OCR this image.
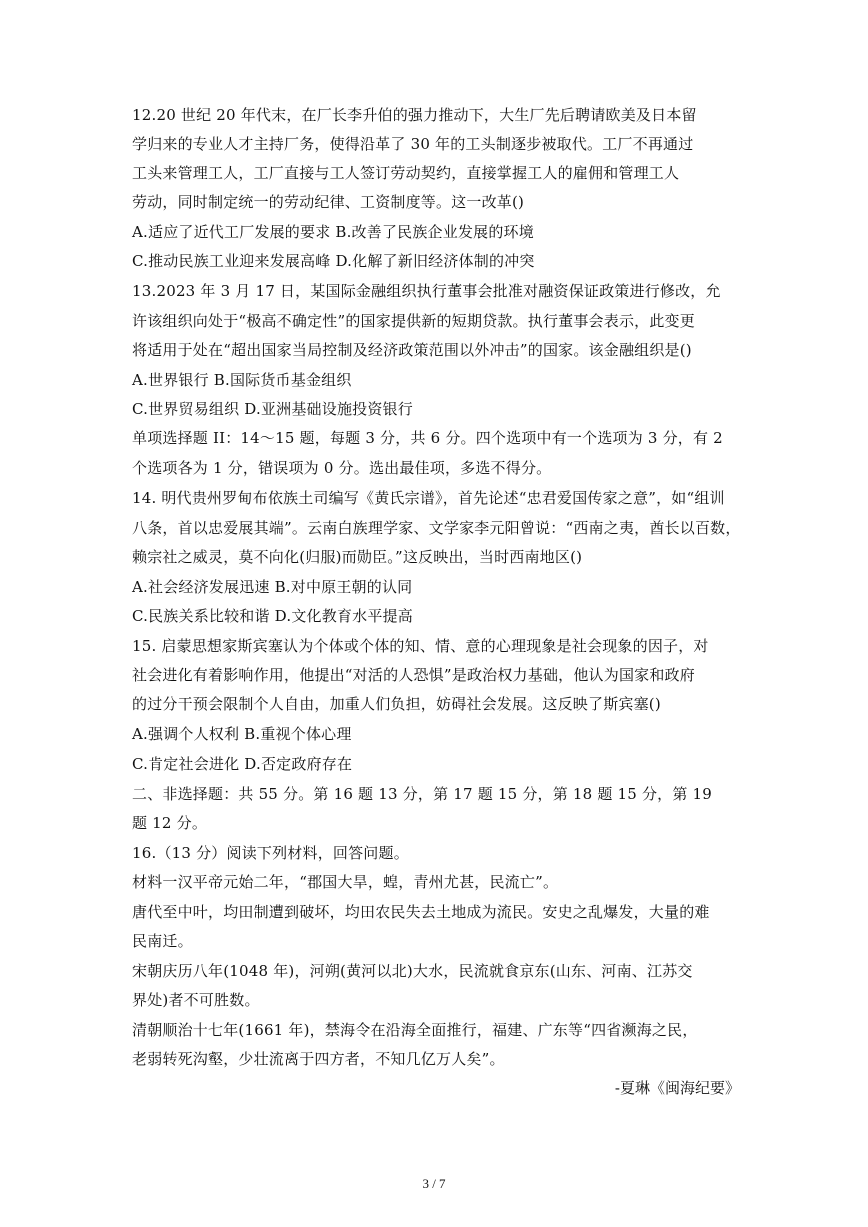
12.20 世纪 20 年代末，在厂长李升伯的强力推动下，大生厂先后聘请欧美及日本留
学归来的专业人才主持厂务，使得沿革了 30 年的工头制逐步被取代。工厂不再通过
工头来管理工人，工厂直接与工人签订劳动契约，直接掌握工人的雇佣和管理工人
劳动，同时制定统一的劳动纪律、工资制度等。这一改革()
A.适应了近代工厂发展的要求 B.改善了民族企业发展的环境
C.推动民族工业迎来发展高峰 D.化解了新旧经济体制的冲突
13.2023 年 3 月 17 日，某国际金融组织执行董事会批准对融资保证政策进行修改，允
许该组织向处于“极高不确定性”的国家提供新的短期贷款。执行董事会表示，此变更
将适用于处在“超出国家当局控制及经济政策范围以外冲击”的国家。该金融组织是()
A.世界银行 B.国际货币基金组织
C.世界贸易组织 D.亚洲基础设施投资银行
单项选择题 II：14～15 题，每题 3 分，共 6 分。四个选项中有一个选项为 3 分，有 2
个选项各为 1 分，错误项为 0 分。选出最佳项，多选不得分。
14. 明代贵州罗甸布依族土司编写《黄氏宗谱》，首先论述“忠君爱国传家之意”，如“组训
八条，首以忠爱展其端”。云南白族理学家、文学家李元阳曾说：“西南之夷，酋长以百数，
赖宗社之威灵，莫不向化(归服)而勋臣。”这反映出，当时西南地区()
A.社会经济发展迅速 B.对中原王朝的认同
C.民族关系比较和谐 D.文化教育水平提高
15. 启蒙思想家斯宾塞认为个体或个体的知、情、意的心理现象是社会现象的因子，对
社会进化有着影响作用，他提出“对活的人恐惧”是政治权力基础，他认为国家和政府
的过分干预会限制个人自由，加重人们负担，妨碍社会发展。这反映了斯宾塞()
A.强调个人权利 B.重视个体心理
C.肯定社会进化 D.否定政府存在
二、非选择题：共 55 分。第 16 题 13 分，第 17 题 15 分，第 18 题 15 分，第 19
题 12 分。
16.（13 分）阅读下列材料，回答问题。
材料一汉平帝元始二年，“郡国大旱，蝗，青州尤甚，民流亡”。
唐代至中叶，均田制遭到破坏，均田农民失去土地成为流民。安史之乱爆发，大量的难
民南迁。
宋朝庆历八年(1048 年)，河朔(黄河以北)大水，民流就食京东(山东、河南、江苏交
界处)者不可胜数。
清朝顺治十七年(1661 年)，禁海令在沿海全面推行，福建、广东等“四省濒海之民，
老弱转死沟壑，少壮流离于四方者，不知几亿万人矣”。
-夏琳《闽海纪要》
3 / 7
